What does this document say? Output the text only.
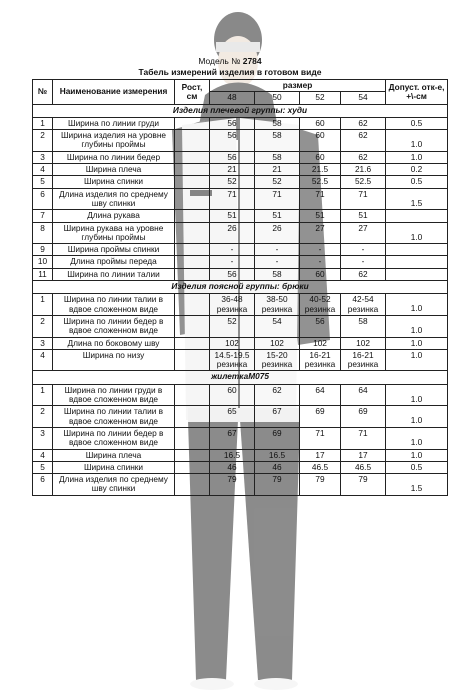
Модель № 2784
Табель измерений изделия в готовом виде
№	Наименование измерения	Рост, см	размер				Допуст. отк-е, +\-см
			48	50	52	54	
Изделия плечевой группы: худи							
1	Ширина по линии груди		56	58	60	62	0.5
2	Ширина изделия на уровне глубины проймы		56	58	60	62	1.0
3	Ширина по линии бедер		56	58	60	62	1.0
4	Ширина плеча		21	21	21.5	21.6	0.2
5	Ширина спинки		52	52	52.5	52.5	0.5
6	Длина изделия по среднему шву спинки		71	71	71	71	1.5
7	Длина рукава		51	51	51	51	
8	Ширина рукава на уровне глубины проймы		26	26	27	27	1.0
9	Ширина проймы спинки		-	-	-	-	
10	Длина проймы переда		-	-	-	-	
11	Ширина по линии талии		56	58	60	62	
Изделия поясной группы: брюки							
1	Ширина по линии талии в вдвое сложенном виде		36-48 резинка	38-50 резинка	40-52 резинка	42-54 резинка	1.0
2	Ширина по линии бедер в вдвое сложенном виде		52	54	56	58	1.0
3	Длина по боковому шву		102	102	102	102	1.0
4	Ширина по низу		14.5-19.5 резинка	15-20 резинка	16-21 резинка	16-21 резинка	1.0
жилеткаМ075							
1	Ширина по линии груди в вдвое сложенном виде		60	62	64	64	1.0
2	Ширина по линии талии в вдвое сложенном виде		65	67	69	69	1.0
3	Ширина по линии бедер в вдвое сложенном виде		67	69	71	71	1.0
4	Ширина плеча		16.5	16.5	17	17	1.0
5	Ширина спинки		46	46	46.5	46.5	0.5
6	Длина изделия по среднему шву спинки		79	79	79	79	1.5
